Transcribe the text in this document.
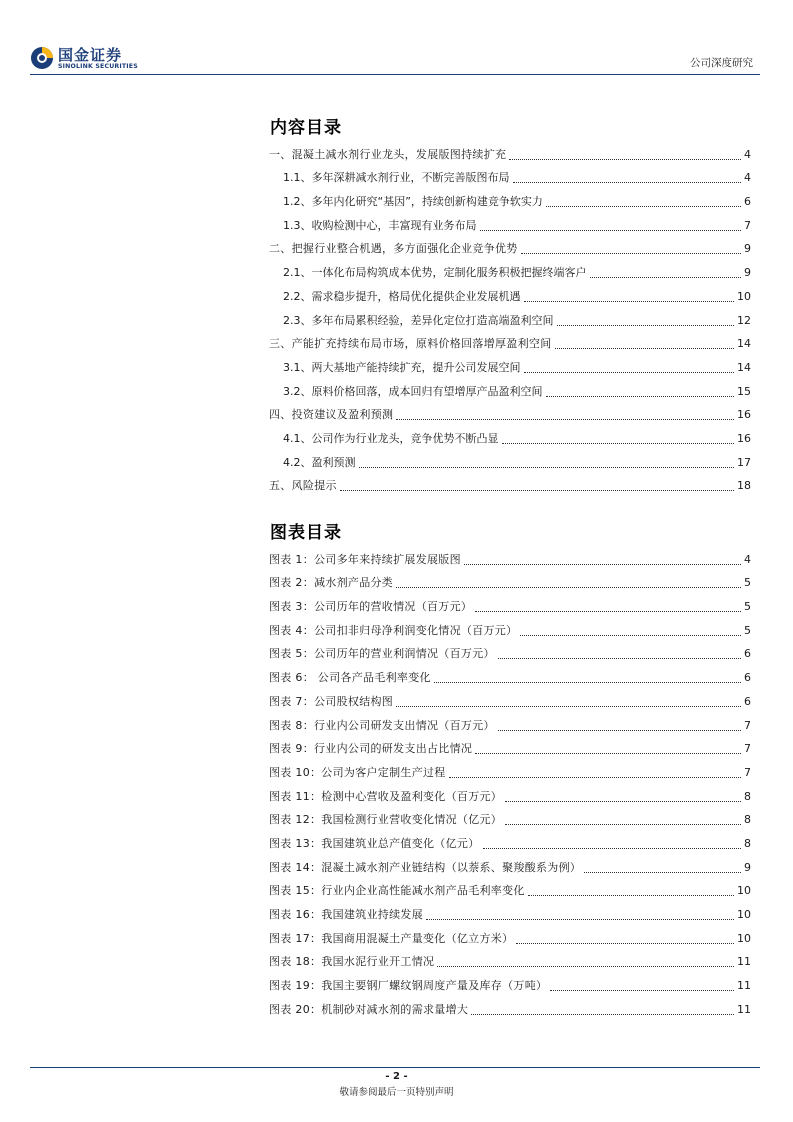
国金证券
SINOLINK SECURITIES	公司深度研究
内容目录
一、混凝土减水剂行业龙头，发展版图持续扩充	4
1.1、多年深耕减水剂行业，不断完善版图布局	4
1.2、多年内化研究“基因”，持续创新构建竞争软实力	6
1.3、收购检测中心，丰富现有业务布局	7
二、把握行业整合机遇，多方面强化企业竞争优势	9
2.1、一体化布局构筑成本优势，定制化服务积极把握终端客户	9
2.2、需求稳步提升，格局优化提供企业发展机遇	10
2.3、多年布局累积经验，差异化定位打造高端盈利空间	12
三、产能扩充持续布局市场，原料价格回落增厚盈利空间	14
3.1、两大基地产能持续扩充，提升公司发展空间	14
3.2、原料价格回落，成本回归有望增厚产品盈利空间	15
四、投资建议及盈利预测	16
4.1、公司作为行业龙头，竞争优势不断凸显	16
4.2、盈利预测	17
五、风险提示	18
图表目录
图表 1：公司多年来持续扩展发展版图	4
图表 2：减水剂产品分类	5
图表 3：公司历年的营收情况（百万元）	5
图表 4：公司扣非归母净利润变化情况（百万元）	5
图表 5：公司历年的营业利润情况（百万元）	6
图表 6： 公司各产品毛利率变化	6
图表 7：公司股权结构图	6
图表 8：行业内公司研发支出情况（百万元）	7
图表 9：行业内公司的研发支出占比情况	7
图表 10：公司为客户定制生产过程	7
图表 11：检测中心营收及盈利变化（百万元）	8
图表 12：我国检测行业营收变化情况（亿元）	8
图表 13：我国建筑业总产值变化（亿元）	8
图表 14：混凝土减水剂产业链结构（以萘系、聚羧酸系为例）	9
图表 15：行业内企业高性能减水剂产品毛利率变化	10
图表 16：我国建筑业持续发展	10
图表 17：我国商用混凝土产量变化（亿立方米）	10
图表 18：我国水泥行业开工情况	11
图表 19：我国主要钢厂螺纹钢周度产量及库存（万吨）	11
图表 20：机制砂对减水剂的需求量增大	11
- 2 -
敬请参阅最后一页特别声明
